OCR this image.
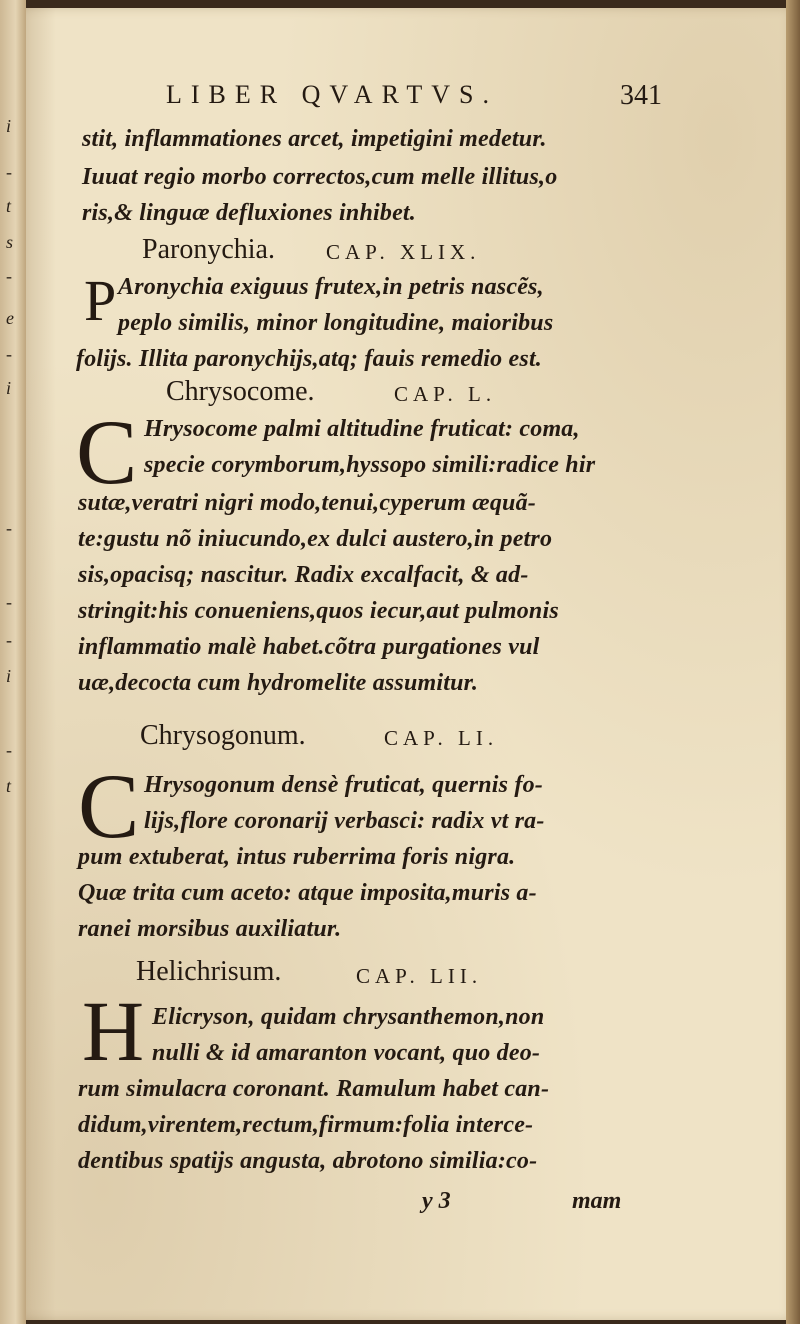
i
-
t
s
-
e
-
i
-
-
-
i
-
t
LIBER QVARTVS.	341
stit, inflammationes arcet, impetigini medetur.
Iuuat regio morbo correctos,cum melle illitus,o
ris,& linguæ defluxiones inhibet.
Paronychia. CAP. XLIX.
P Aronychia exiguus frutex,in petris nascẽs,
peplo similis, minor longitudine, maioribus
folijs. Illita paronychijs,atq; fauis remedio est.
Chrysocome.	CAP. L.
C Hrysocome palmi altitudine fruticat: coma,
specie corymborum,hyssopo simili:radice hir
sutæ,veratri nigri modo,tenui,cyperum æquã-
te:gustu nõ iniucundo,ex dulci austero,in petro
sis,opacisq; nascitur. Radix excalfacit, & ad-
stringit:his conueniens,quos iecur,aut pulmonis
inflammatio malè habet.cõtra purgationes vul
uæ,decocta cum hydromelite assumitur.
Chrysogonum.	CAP. LI.
C Hrysogonum densè fruticat, quernis fo-
lijs,flore coronarij verbasci: radix vt ra-
pum extuberat, intus ruberrima foris nigra.
Quæ trita cum aceto: atque imposita,muris a-
ranei morsibus auxiliatur.
Helichrisum.	CAP. LII.
H Elicryson, quidam chrysanthemon,non
nulli & id amaranton vocant, quo deo-
rum simulacra coronant. Ramulum habet can-
didum,virentem,rectum,firmum:folia interce-
dentibus spatijs angusta, abrotono similia:co-
y 3	mam
